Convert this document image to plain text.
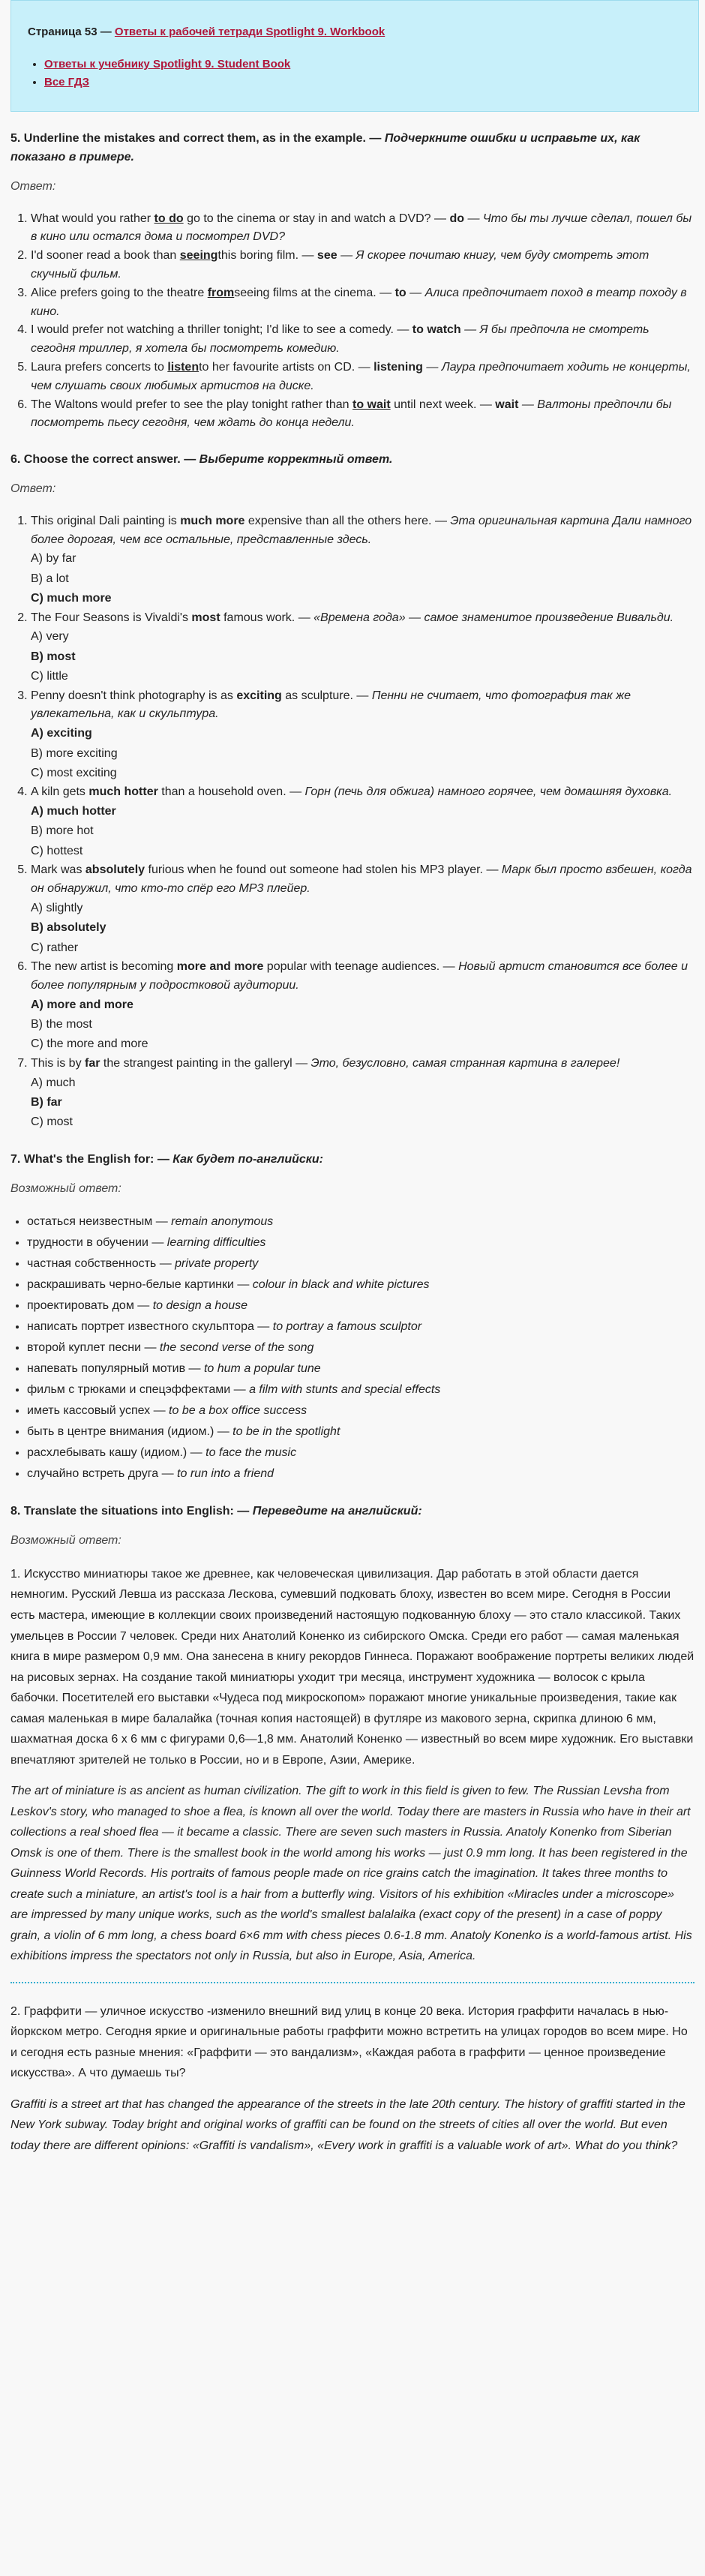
Страница 53 — Ответы к рабочей тетради Spotlight 9. Workbook
• Ответы к учебнику Spotlight 9. Student Book
• Все ГДЗ
5. Underline the mistakes and correct them, as in the example. — Подчеркните ошибки и исправьте их, как показано в примере.
Ответ:
1. What would you rather to do go to the cinema or stay in and watch a DVD? — do — Что бы ты лучше сделал, пошел бы в кино или остался дома и посмотрел DVD?
2. I'd sooner read a book than seeingthis boring film. — see — Я скорее почитаю книгу, чем буду смотреть этот скучный фильм.
3. Alice prefers going to the theatre fromseeing films at the cinema. — to — Алиса предпочитает поход в театр походу в кино.
4. I would prefer not watching a thriller tonight; I'd like to see a comedy. — to watch — Я бы предпочла не смотреть сегодня триллер, я хотела бы посмотреть комедию.
5. Laura prefers concerts to listento her favourite artists on CD. — listening — Лаура предпочитает ходить не концерты, чем слушать своих любимых артистов на диске.
6. The Waltons would prefer to see the play tonight rather than to wait until next week. — wait — Валтоны предпочли бы посмотреть пьесу сегодня, чем ждать до конца недели.
6. Choose the correct answer. — Выберите корректный ответ.
Ответ:
1. This original Dali painting is much more expensive than all the others here. — Эта оригинальная картина Дали намного более дорогая, чем все остальные, представленные здесь.
A) by far
B) a lot
C) much more
2. The Four Seasons is Vivaldi's most famous work. — «Времена года» — самое знаменитое произведение Вивальди.
A) very
B) most
C) little
3. Penny doesn't think photography is as exciting as sculpture. — Пенни не считает, что фотография так же увлекательна, как и скульптура.
A) exciting
B) more exciting
C) most exciting
4. A kiln gets much hotter than a household oven. — Горн (печь для обжига) намного горячее, чем домашняя духовка.
A) much hotter
B) more hot
C) hottest
5. Mark was absolutely furious when he found out someone had stolen his MP3 player. — Марк был просто взбешен, когда он обнаружил, что кто-то спёр его МР3 плейер.
A) slightly
B) absolutely
C) rather
6. The new artist is becoming more and more popular with teenage audiences. — Новый артист становится все более и более популярным у подростковой аудитории.
A) more and more
B) the most
C) the more and more
7. This is by far the strangest painting in the galleryl — Это, безусловно, самая странная картина в галерее!
A) much
B) far
C) most
7. What's the English for: — Как будет по-английски:
Возможный ответ:
• остаться неизвестным — remain anonymous
• трудности в обучении — learning difficulties
• частная собственность — private property
• раскрашивать черно-белые картинки — colour in black and white pictures
• проектировать дом — to design a house
• написать портрет известного скульптора — to portray a famous sculptor
• второй куплет песни — the second verse of the song
• напевать популярный мотив — to hum a popular tune
• фильм с трюками и спецэффектами — a film with stunts and special effects
• иметь кассовый успех — to be a box office success
• быть в центре внимания (идиом.) — to be in the spotlight
• расхлебывать кашу (идиом.) — to face the music
• случайно встреть друга — to run into a friend
8. Translate the situations into English: — Переведите на английский:
Возможный ответ:

1. Искусство миниатюры такое же древнее, как человеческая цивилизация. Дар работать в этой области дается немногим. Русский Левша из рассказа Лескова, сумевший подковать блоху, известен во всем мире. Сегодня в России есть мастера, имеющие в коллекции своих произведений настоящую подкованную блоху — это стало классикой. Таких умельцев в России 7 человек. Среди них Анатолий Коненко из сибирского Омска. Среди его работ — самая маленькая книга в мире размером 0,9 мм. Она занесена в книгу рекордов Гиннеса. Поражают воображение портреты великих людей на рисовых зернах. На создание такой миниатюры уходит три месяца, инструмент художника — волосок с крыла бабочки. Посетителей его выставки «Чудеса под микроскопом» поражают многие уникальные произведения, такие как самая маленькая в мире балалайка (точная копия настоящей) в футляре из макового зерна, скрипка длиною 6 мм, шахматная доска 6 х 6 мм с фигурами 0,6—1,8 мм. Анатолий Коненко — известный во всем мире художник. Его выставки впечатляют зрителей не только в России, но и в Европе, Азии, Америке.

The art of miniature is as ancient as human civilization. The gift to work in this field is given to few. The Russian Levsha from Leskov's story, who managed to shoe a flea, is known all over the world. Today there are masters in Russia who have in their art collections a real shoed flea — it became a classic. There are seven such masters in Russia. Anatoly Konenko from Siberian Omsk is one of them. There is the smallest book in the world among his works — just 0.9 mm long. It has been registered in the Guinness World Records. His portraits of famous people made on rice grains catch the imagination. It takes three months to create such a miniature, an artist's tool is a hair from a butterfly wing. Visitors of his exhibition «Miracles under a microscope» are impressed by many unique works, such as the world's smallest balalaika (exact copy of the present) in a case of poppy grain, a violin of 6 mm long, a chess board 6×6 mm with chess pieces 0.6-1.8 mm. Anatoly Konenko is a world-famous artist. His exhibitions impress the spectators not only in Russia, but also in Europe, Asia, America.

2. Граффити — уличное искусство -изменило внешний вид улиц в конце 20 века. История граффити началась в нью-йоркском метро. Сегодня яркие и оригинальные работы граффити можно встретить на улицах городов во всем мире. Но и сегодня есть разные мнения: «Граффити — это вандализм», «Каждая работа в граффити — ценное произведение искусства». А что думаешь ты?

Graffiti is a street art that has changed the appearance of the streets in the late 20th century. The history of graffiti started in the New York subway. Today bright and original works of graffiti can be found on the streets of cities all over the world. But even today there are different opinions: «Graffiti is vandalism», «Every work in graffiti is a valuable work of art». What do you think?
